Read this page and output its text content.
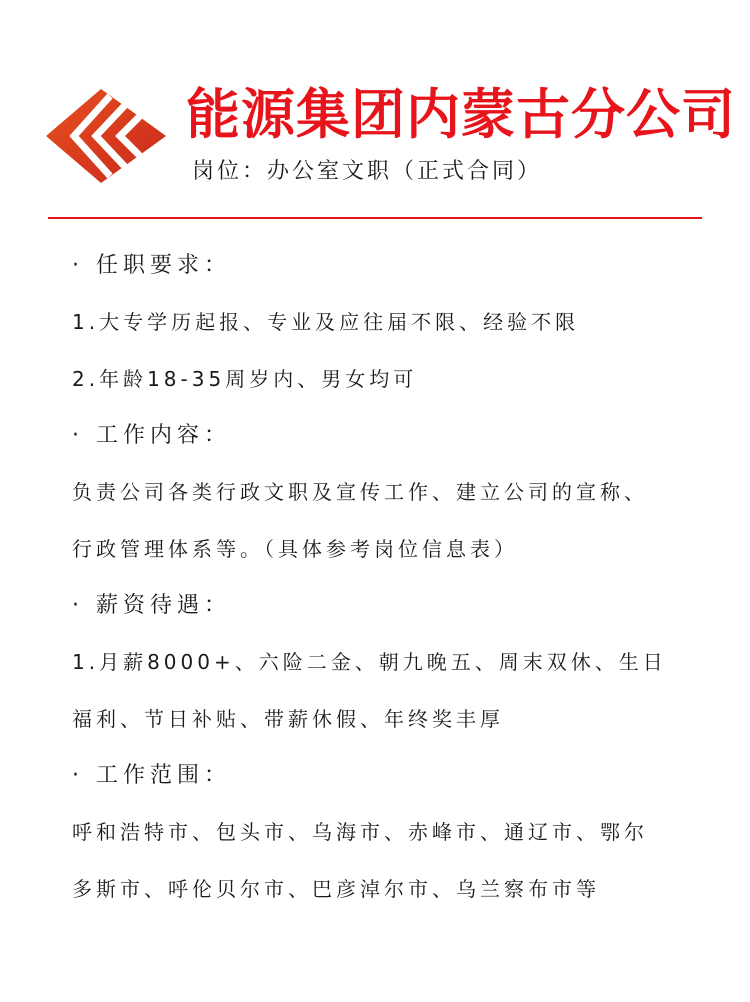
能源集团内蒙古分公司
岗位：办公室文职（正式合同）
· 任职要求：
1.大专学历起报、专业及应往届不限、经验不限
2.年龄18-35周岁内、男女均可
· 工作内容：
负责公司各类行政文职及宣传工作、建立公司的宣称、
行政管理体系等。（具体参考岗位信息表）
· 薪资待遇：
1.月薪8000+、六险二金、朝九晚五、周末双休、生日
福利、节日补贴、带薪休假、年终奖丰厚
· 工作范围：
呼和浩特市、包头市、乌海市、赤峰市、通辽市、鄂尔
多斯市、呼伦贝尔市、巴彦淖尔市、乌兰察布市等
